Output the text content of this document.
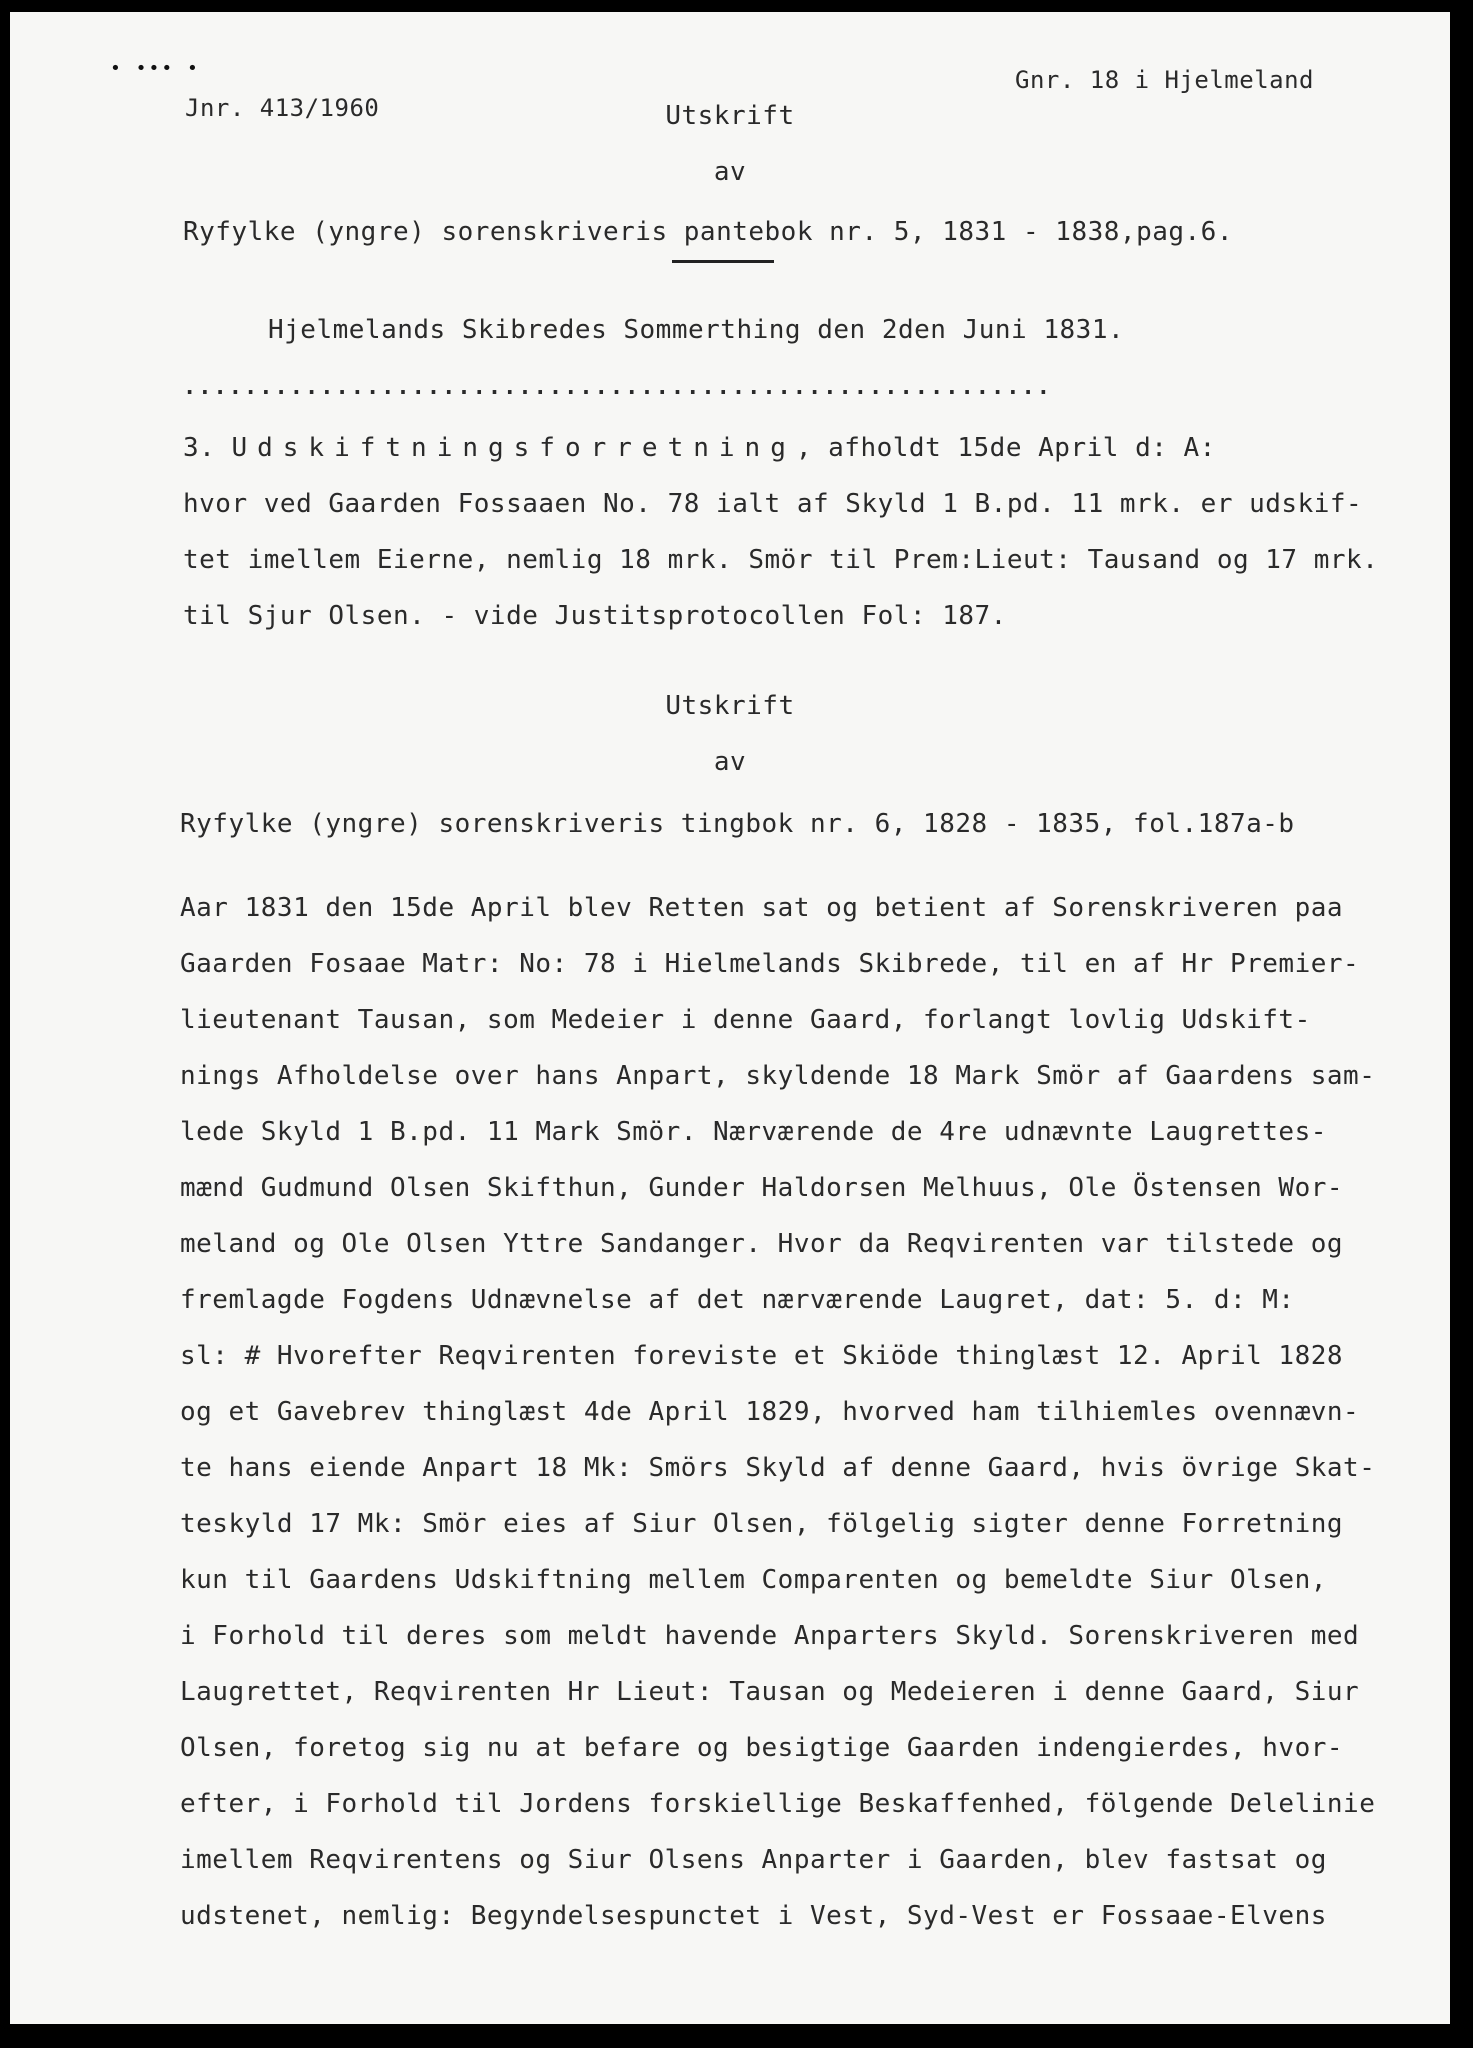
• ••• •
Jnr. 413/1960
Gnr. 18 i Hjelmeland
Utskrift
av
Ryfylke (yngre) sorenskriveris pantebok nr. 5, 1831 - 1838,pag.6.
Hjelmelands Skibredes Sommerthing den 2den Juni 1831.
·························································
3. Udskiftningsforretning, afholdt 15de April d: A:
hvor ved Gaarden Fossaaen No. 78 ialt af Skyld 1 B.pd. 11 mrk. er udskif-
tet imellem Eierne, nemlig 18 mrk. Smör til Prem:Lieut: Tausand og 17 mrk.
til Sjur Olsen. - vide Justitsprotocollen Fol: 187.
Utskrift
av
Ryfylke (yngre) sorenskriveris tingbok nr. 6, 1828 - 1835, fol.187a-b
Aar 1831 den 15de April blev Retten sat og betient af Sorenskriveren paa
Gaarden Fosaae Matr: No: 78 i Hielmelands Skibrede, til en af Hr Premier-
lieutenant Tausan, som Medeier i denne Gaard, forlangt lovlig Udskift-
nings Afholdelse over hans Anpart, skyldende 18 Mark Smör af Gaardens sam-
lede Skyld 1 B.pd. 11 Mark Smör. Nærværende de 4re udnævnte Laugrettes-
mænd Gudmund Olsen Skifthun, Gunder Haldorsen Melhuus, Ole Östensen Wor-
meland og Ole Olsen Yttre Sandanger. Hvor da Reqvirenten var tilstede og
fremlagde Fogdens Udnævnelse af det nærværende Laugret, dat: 5. d: M:
sl: # Hvorefter Reqvirenten foreviste et Skiöde thinglæst 12. April 1828
og et Gavebrev thinglæst 4de April 1829, hvorved ham tilhiemles ovennævn-
te hans eiende Anpart 18 Mk: Smörs Skyld af denne Gaard, hvis övrige Skat-
teskyld 17 Mk: Smör eies af Siur Olsen, fölgelig sigter denne Forretning
kun til Gaardens Udskiftning mellem Comparenten og bemeldte Siur Olsen,
i Forhold til deres som meldt havende Anparters Skyld. Sorenskriveren med
Laugrettet, Reqvirenten Hr Lieut: Tausan og Medeieren i denne Gaard, Siur
Olsen, foretog sig nu at befare og besigtige Gaarden indengierdes, hvor-
efter, i Forhold til Jordens forskiellige Beskaffenhed, fölgende Delelinie
imellem Reqvirentens og Siur Olsens Anparter i Gaarden, blev fastsat og
udstenet, nemlig: Begyndelsespunctet i Vest, Syd-Vest er Fossaae-Elvens
